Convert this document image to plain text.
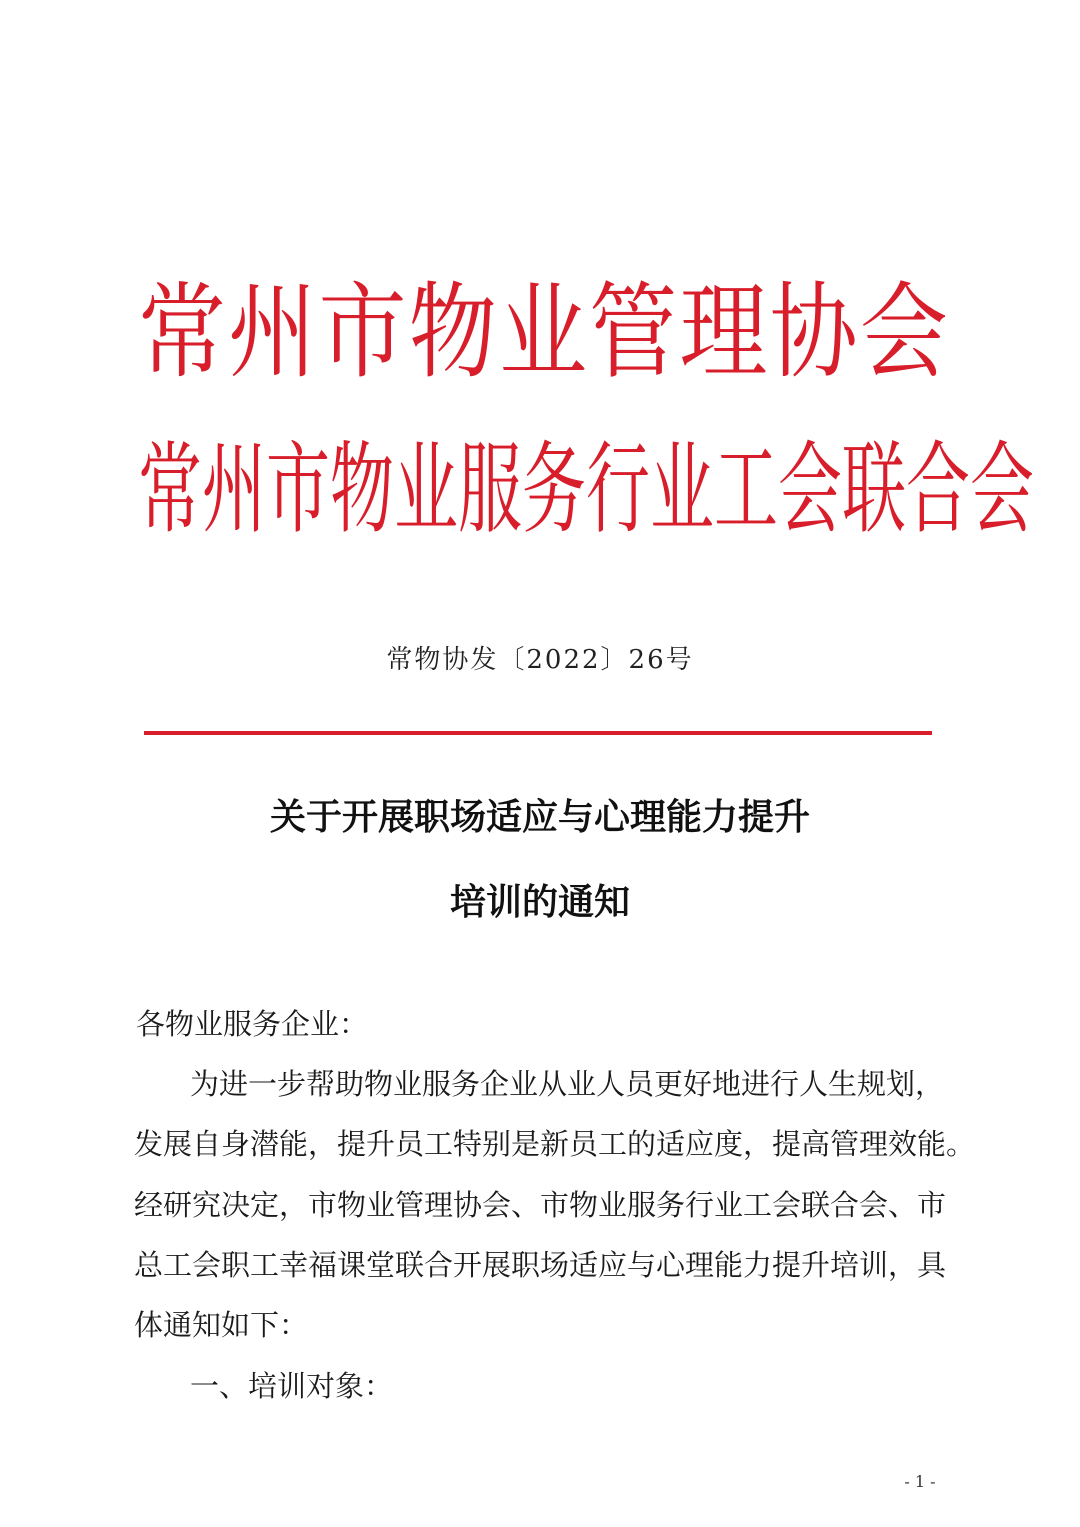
常 州 市 物 业 管 理 协 会
常 州 市 物 业 服 务 行 业 工 会 联 合 会
常物协发〔2022〕26号
关于开展职场适应与心理能力提升
培训的通知
各物业服务企业：
为进一步帮助物业服务企业从业人员更好地进行人生规划，
发展自身潜能，提升员工特别是新员工的适应度，提高管理效能。
经研究决定，市物业管理协会、市物业服务行业工会联合会、市
总工会职工幸福课堂联合开展职场适应与心理能力提升培训，具
体通知如下：
一、培训对象：
- 1 -
